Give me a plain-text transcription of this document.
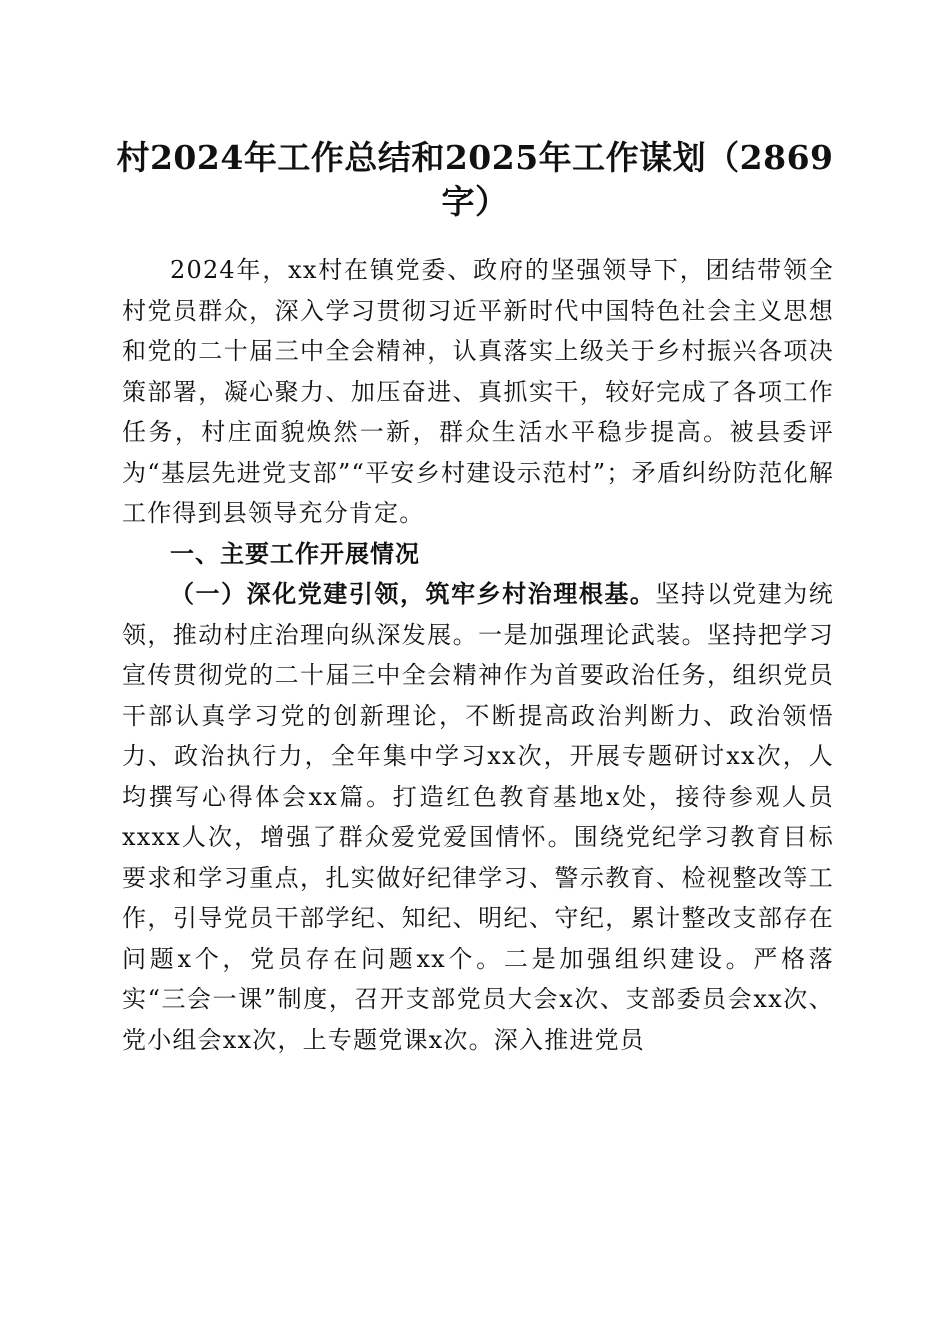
村2024年工作总结和2025年工作谋划（2869字）

2024年，xx村在镇党委、政府的坚强领导下，团结带领全村党员群众，深入学习贯彻习近平新时代中国特色社会主义思想和党的二十届三中全会精神，认真落实上级关于乡村振兴各项决策部署，凝心聚力、加压奋进、真抓实干，较好完成了各项工作任务，村庄面貌焕然一新，群众生活水平稳步提高。被县委评为“基层先进党支部”“平安乡村建设示范村”；矛盾纠纷防范化解工作得到县领导充分肯定。

一、主要工作开展情况

（一）深化党建引领，筑牢乡村治理根基。坚持以党建为统领，推动村庄治理向纵深发展。一是加强理论武装。坚持把学习宣传贯彻党的二十届三中全会精神作为首要政治任务，组织党员干部认真学习党的创新理论，不断提高政治判断力、政治领悟力、政治执行力，全年集中学习xx次，开展专题研讨xx次，人均撰写心得体会xx篇。打造红色教育基地x处，接待参观人员xxxx人次，增强了群众爱党爱国情怀。围绕党纪学习教育目标要求和学习重点，扎实做好纪律学习、警示教育、检视整改等工作，引导党员干部学纪、知纪、明纪、守纪，累计整改支部存在问题x个，党员存在问题xx个。二是加强组织建设。严格落实“三会一课”制度，召开支部党员大会x次、支部委员会xx次、党小组会xx次，上专题党课x次。深入推进党员
